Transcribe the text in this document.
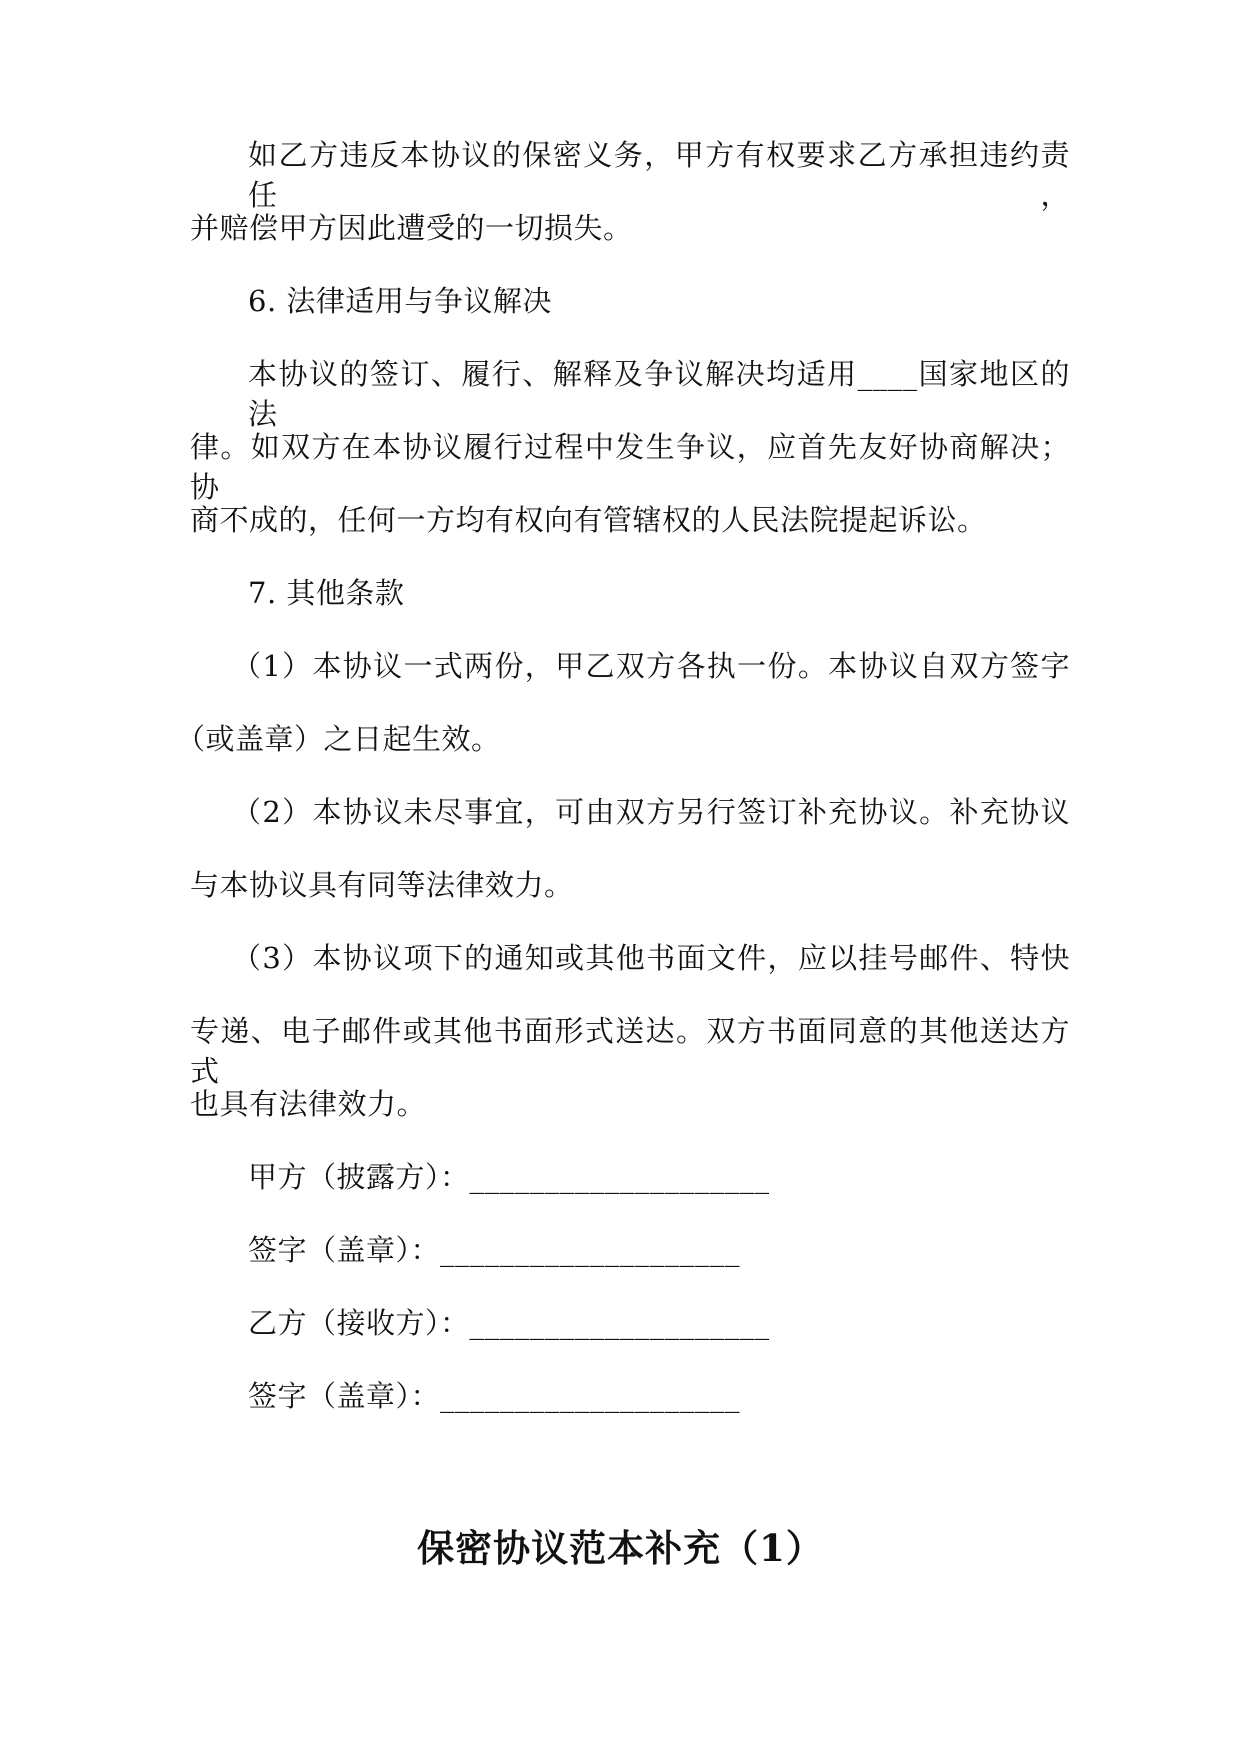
如乙方违反本协议的保密义务，甲方有权要求乙方承担违约责任，
并赔偿甲方因此遭受的一切损失。
6. 法律适用与争议解决
本协议的签订、履行、解释及争议解决均适用____国家地区的法
律。如双方在本协议履行过程中发生争议，应首先友好协商解决；协
商不成的，任何一方均有权向有管辖权的人民法院提起诉讼。
7. 其他条款
（1）本协议一式两份，甲乙双方各执一份。本协议自双方签字
（或盖章）之日起生效。
（2）本协议未尽事宜，可由双方另行签订补充协议。补充协议
与本协议具有同等法律效力。
（3）本协议项下的通知或其他书面文件，应以挂号邮件、特快
专递、电子邮件或其他书面形式送达。双方书面同意的其他送达方式
也具有法律效力。
甲方（披露方）：____________________
签字（盖章）：____________________
乙方（接收方）：____________________
签字（盖章）：____________________
保密协议范本补充（1）
